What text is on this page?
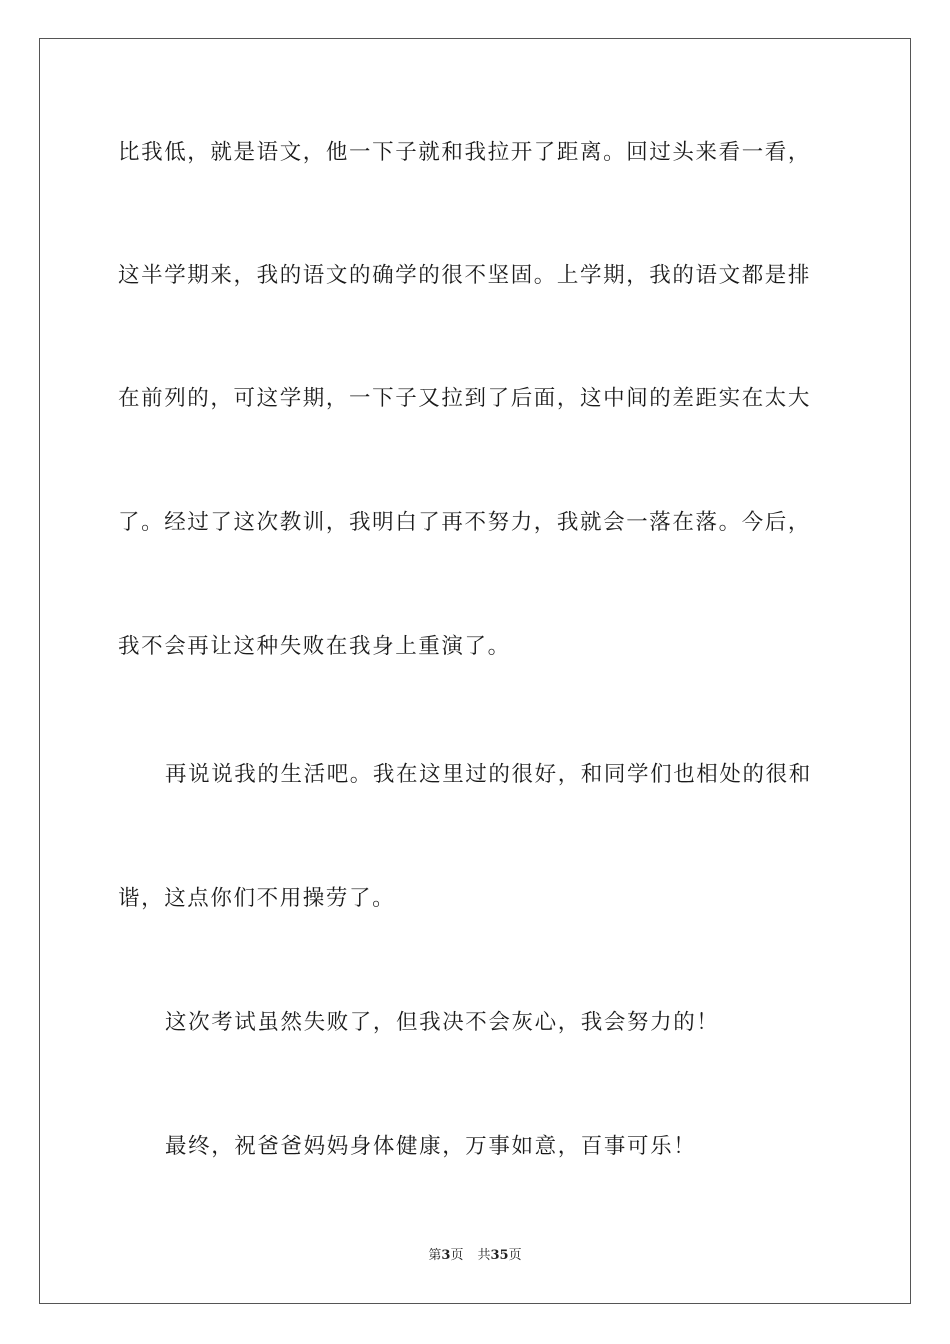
比我低，就是语文，他一下子就和我拉开了距离。回过头来看一看，
这半学期来，我的语文的确学的很不坚固。上学期，我的语文都是排
在前列的，可这学期，一下子又拉到了后面，这中间的差距实在太大
了。经过了这次教训，我明白了再不努力，我就会一落在落。今后，
我不会再让这种失败在我身上重演了。
再说说我的生活吧。我在这里过的很好，和同学们也相处的很和
谐，这点你们不用操劳了。
这次考试虽然失败了，但我决不会灰心，我会努力的！
最终，祝爸爸妈妈身体健康，万事如意，百事可乐！
第3页 共35页
